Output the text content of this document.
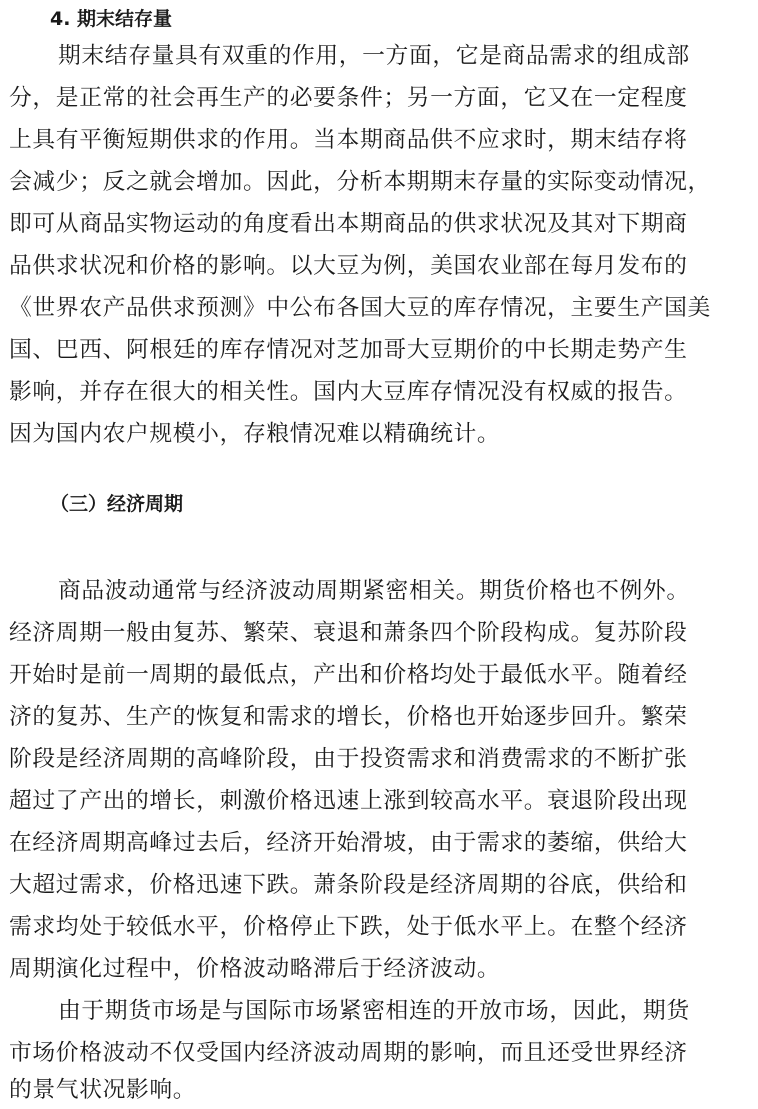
4. 期末结存量
期末结存量具有双重的作用，一方面，它是商品需求的组成部
分，是正常的社会再生产的必要条件；另一方面，它又在一定程度
上具有平衡短期供求的作用。当本期商品供不应求时，期末结存将
会减少；反之就会增加。因此，分析本期期末存量的实际变动情况，
即可从商品实物运动的角度看出本期商品的供求状况及其对下期商
品供求状况和价格的影响。以大豆为例，美国农业部在每月发布的
《世界农产品供求预测》中公布各国大豆的库存情况，主要生产国美
国、巴西、阿根廷的库存情况对芝加哥大豆期价的中长期走势产生
影响，并存在很大的相关性。国内大豆库存情况没有权威的报告。
因为国内农户规模小，存粮情况难以精确统计。
（三）经济周期
商品波动通常与经济波动周期紧密相关。期货价格也不例外。
经济周期一般由复苏、繁荣、衰退和萧条四个阶段构成。复苏阶段
开始时是前一周期的最低点，产出和价格均处于最低水平。随着经
济的复苏、生产的恢复和需求的增长，价格也开始逐步回升。繁荣
阶段是经济周期的高峰阶段，由于投资需求和消费需求的不断扩张
超过了产出的增长，刺激价格迅速上涨到较高水平。衰退阶段出现
在经济周期高峰过去后，经济开始滑坡，由于需求的萎缩，供给大
大超过需求，价格迅速下跌。萧条阶段是经济周期的谷底，供给和
需求均处于较低水平，价格停止下跌，处于低水平上。在整个经济
周期演化过程中，价格波动略滞后于经济波动。
由于期货市场是与国际市场紧密相连的开放市场，因此，期货
市场价格波动不仅受国内经济波动周期的影响，而且还受世界经济
的景气状况影响。
